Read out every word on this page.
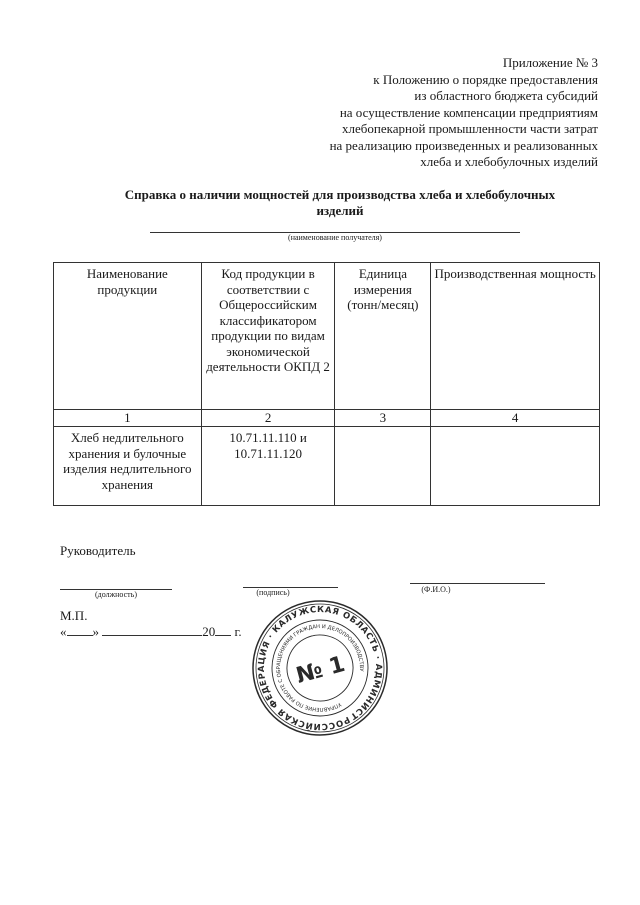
Приложение № 3
к Положению о порядке предоставления
из областного бюджета субсидий
на осуществление компенсации предприятиям
хлебопекарной промышленности части затрат
на реализацию произведенных и реализованных
хлеба и хлебобулочных изделий
Справка о наличии мощностей для производства хлеба и хлебобулочных
изделий
(наименование получателя)
Наименование продукции	Код продукции в соответствии с Общероссийским классификатором продукции по видам экономической деятельности ОКПД 2	Единица измерения (тонн/месяц)	Производственная мощность
1	2	3	4
Хлеб недлительного хранения и булочные изделия недлительного хранения	10.71.11.110 и 10.71.11.120		
Руководитель
(должность)	(подпись)	(Ф.И.О.)
М.П.
« »	20 г.
РОССИЙСКАЯ ФЕДЕРАЦИЯ · КАЛУЖСКАЯ ОБЛАСТЬ · АДМИНИСТРАЦИЯ
УПРАВЛЕНИЕ ПО РАБОТЕ С ОБРАЩЕНИЯМИ ГРАЖДАН И ДЕЛОПРОИЗВОДСТВУ
№ 1
